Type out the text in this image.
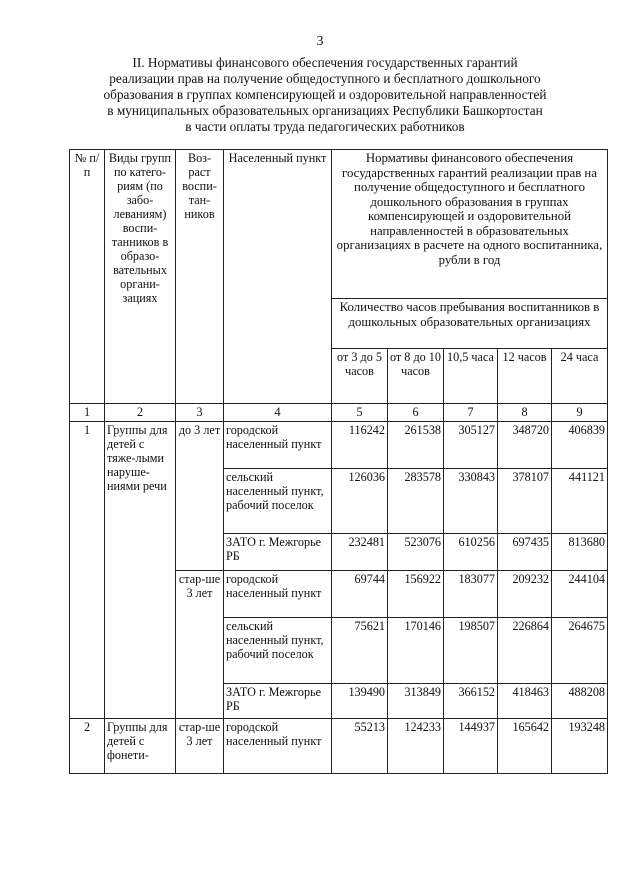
3
II. Нормативы финансового обеспечения государственных гарантий
реализации прав на получение общедоступного и бесплатного дошкольного
образования в группах компенсирующей и оздоровительной направленностей
в муниципальных образовательных организациях Республики Башкортостан
в части оплаты труда педагогических работников
№ п/п	Виды групп по катего-риям (по забо-леваниям) воспи-танников в образо-вательных органи-зациях	Воз-раст воспи-тан-ников	Населенный пункт	Нормативы финансового обеспечения государственных гарантий реализации прав на получение общедоступного и бесплатного дошкольного образования в группах компенсирующей и оздоровительной направленностей в образовательных организациях в расчете на одного воспитанника, рубли в год				
				Количество часов пребывания воспитанников в дошкольных образовательных организациях				
				от 3 до 5 часов	от 8 до 10 часов	10,5 часа	12 часов	24 часа
1	2	3	4	5	6	7	8	9
1	Группы для детей с тяже-лыми наруше-ниями речи	до 3 лет	городской населенный пункт	116242	261538	305127	348720	406839
			сельский населенный пункт, рабочий поселок	126036	283578	330843	378107	441121
			ЗАТО г. Межгорье РБ	232481	523076	610256	697435	813680
		стар-ше 3 лет	городской населенный пункт	69744	156922	183077	209232	244104
			сельский населенный пункт, рабочий поселок	75621	170146	198507	226864	264675
			ЗАТО г. Межгорье РБ	139490	313849	366152	418463	488208
2	Группы для детей с фонети-	стар-ше 3 лет	городской населенный пункт	55213	124233	144937	165642	193248
